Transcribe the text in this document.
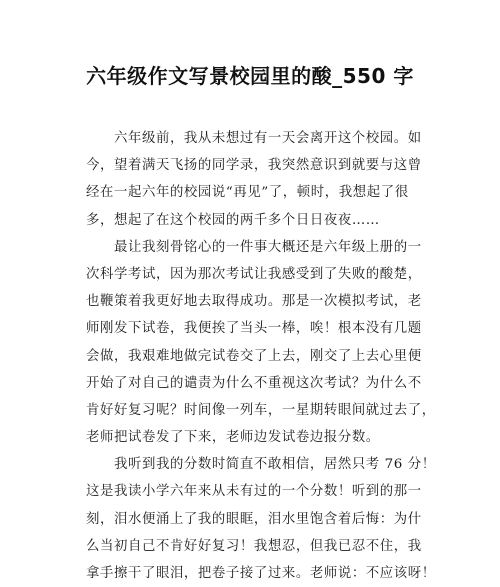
六年级作文写景校园里的酸_550 字
　　六年级前，我从未想过有一天会离开这个校园。如
今，望着满天飞扬的同学录，我突然意识到就要与这曾
经在一起六年的校园说“再见”了，顿时，我想起了很
多，想起了在这个校园的两千多个日日夜夜……
　　最让我刻骨铭心的一件事大概还是六年级上册的一
次科学考试，因为那次考试让我感受到了失败的酸楚，
也鞭策着我更好地去取得成功。那是一次模拟考试，老
师刚发下试卷，我便挨了当头一棒，唉！根本没有几题
会做，我艰难地做完试卷交了上去，刚交了上去心里便
开始了对自己的谴责为什么不重视这次考试？为什么不
肯好好复习呢？时间像一列车，一星期转眼间就过去了，
老师把试卷发了下来，老师边发试卷边报分数。
　　我听到我的分数时简直不敢相信，居然只考 76 分！
这是我读小学六年来从未有过的一个分数！听到的那一
刻，泪水便涌上了我的眼眶，泪水里饱含着后悔：为什
么当初自己不肯好好复习！我想忍，但我已忍不住，我
拿手擦干了眼泪，把卷子接了过来。老师说：不应该呀！
